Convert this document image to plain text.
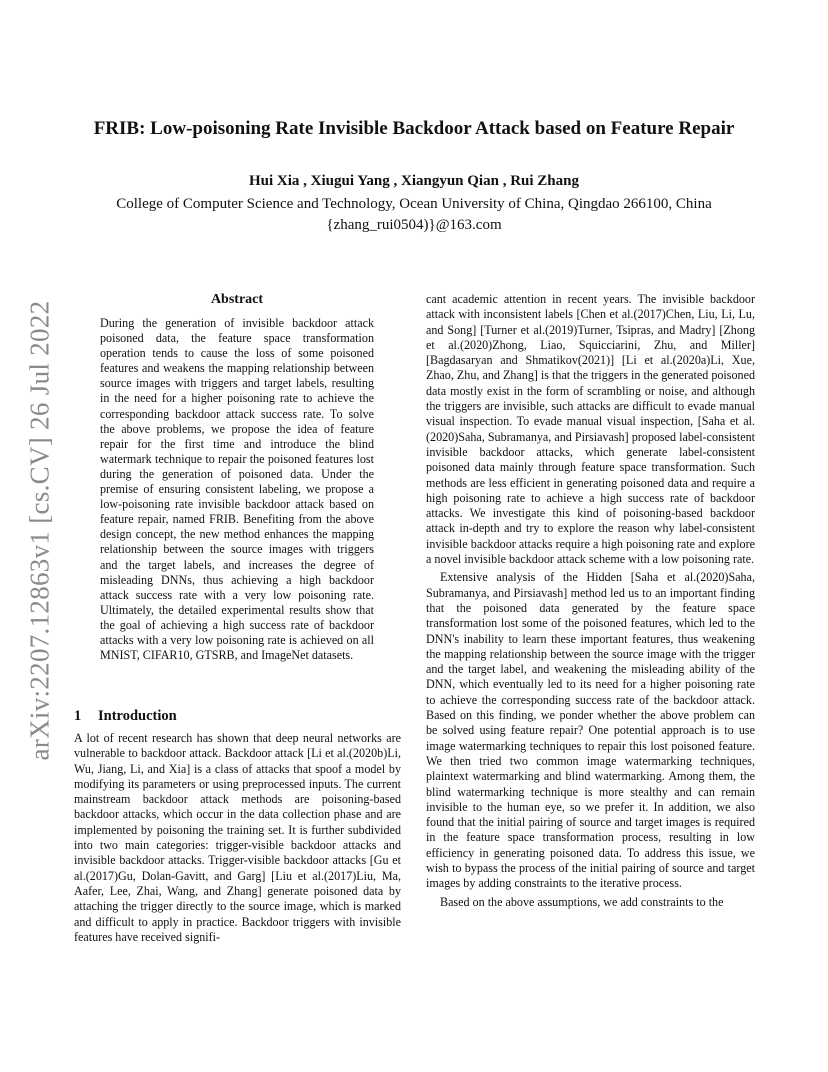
arXiv:2207.12863v1 [cs.CV] 26 Jul 2022
FRIB: Low-poisoning Rate Invisible Backdoor Attack based on Feature Repair
Hui Xia , Xiugui Yang , Xiangyun Qian , Rui Zhang
College of Computer Science and Technology, Ocean University of China, Qingdao 266100, China
{zhang_rui0504)}@163.com
Abstract
During the generation of invisible backdoor attack poisoned data, the feature space transformation operation tends to cause the loss of some poisoned features and weakens the mapping relationship between source images with triggers and target labels, resulting in the need for a higher poisoning rate to achieve the corresponding backdoor attack success rate. To solve the above problems, we propose the idea of feature repair for the first time and introduce the blind watermark technique to repair the poisoned features lost during the generation of poisoned data. Under the premise of ensuring consistent labeling, we propose a low-poisoning rate invisible backdoor attack based on feature repair, named FRIB. Benefiting from the above design concept, the new method enhances the mapping relationship between the source images with triggers and the target labels, and increases the degree of misleading DNNs, thus achieving a high backdoor attack success rate with a very low poisoning rate. Ultimately, the detailed experimental results show that the goal of achieving a high success rate of backdoor attacks with a very low poisoning rate is achieved on all MNIST, CIFAR10, GTSRB, and ImageNet datasets.
1 Introduction
A lot of recent research has shown that deep neural networks are vulnerable to backdoor attack. Backdoor attack [Li et al.(2020b)Li, Wu, Jiang, Li, and Xia] is a class of attacks that spoof a model by modifying its parameters or using preprocessed inputs. The current mainstream backdoor attack methods are poisoning-based backdoor attacks, which occur in the data collection phase and are implemented by poisoning the training set. It is further subdivided into two main categories: trigger-visible backdoor attacks and invisible backdoor attacks. Trigger-visible backdoor attacks [Gu et al.(2017)Gu, Dolan-Gavitt, and Garg] [Liu et al.(2017)Liu, Ma, Aafer, Lee, Zhai, Wang, and Zhang] generate poisoned data by attaching the trigger directly to the source image, which is marked and difficult to apply in practice. Backdoor triggers with invisible features have received signifi-

cant academic attention in recent years. The invisible backdoor attack with inconsistent labels [Chen et al.(2017)Chen, Liu, Li, Lu, and Song] [Turner et al.(2019)Turner, Tsipras, and Madry] [Zhong et al.(2020)Zhong, Liao, Squicciarini, Zhu, and Miller] [Bagdasaryan and Shmatikov(2021)] [Li et al.(2020a)Li, Xue, Zhao, Zhu, and Zhang] is that the triggers in the generated poisoned data mostly exist in the form of scrambling or noise, and although the triggers are invisible, such attacks are difficult to evade manual visual inspection. To evade manual visual inspection, [Saha et al.(2020)Saha, Subramanya, and Pirsiavash] proposed label-consistent invisible backdoor attacks, which generate label-consistent poisoned data mainly through feature space transformation. Such methods are less efficient in generating poisoned data and require a high poisoning rate to achieve a high success rate of backdoor attacks. We investigate this kind of poisoning-based backdoor attack in-depth and try to explore the reason why label-consistent invisible backdoor attacks require a high poisoning rate and explore a novel invisible backdoor attack scheme with a low poisoning rate.

Extensive analysis of the Hidden [Saha et al.(2020)Saha, Subramanya, and Pirsiavash] method led us to an important finding that the poisoned data generated by the feature space transformation lost some of the poisoned features, which led to the DNN's inability to learn these important features, thus weakening the mapping relationship between the source image with the trigger and the target label, and weakening the misleading ability of the DNN, which eventually led to its need for a higher poisoning rate to achieve the corresponding success rate of the backdoor attack. Based on this finding, we ponder whether the above problem can be solved using feature repair? One potential approach is to use image watermarking techniques to repair this lost poisoned feature. We then tried two common image watermarking techniques, plaintext watermarking and blind watermarking. Among them, the blind watermarking technique is more stealthy and can remain invisible to the human eye, so we prefer it. In addition, we also found that the initial pairing of source and target images is required in the feature space transformation process, resulting in low efficiency in generating poisoned data. To address this issue, we wish to bypass the process of the initial pairing of source and target images by adding constraints to the iterative process.

Based on the above assumptions, we add constraints to the
